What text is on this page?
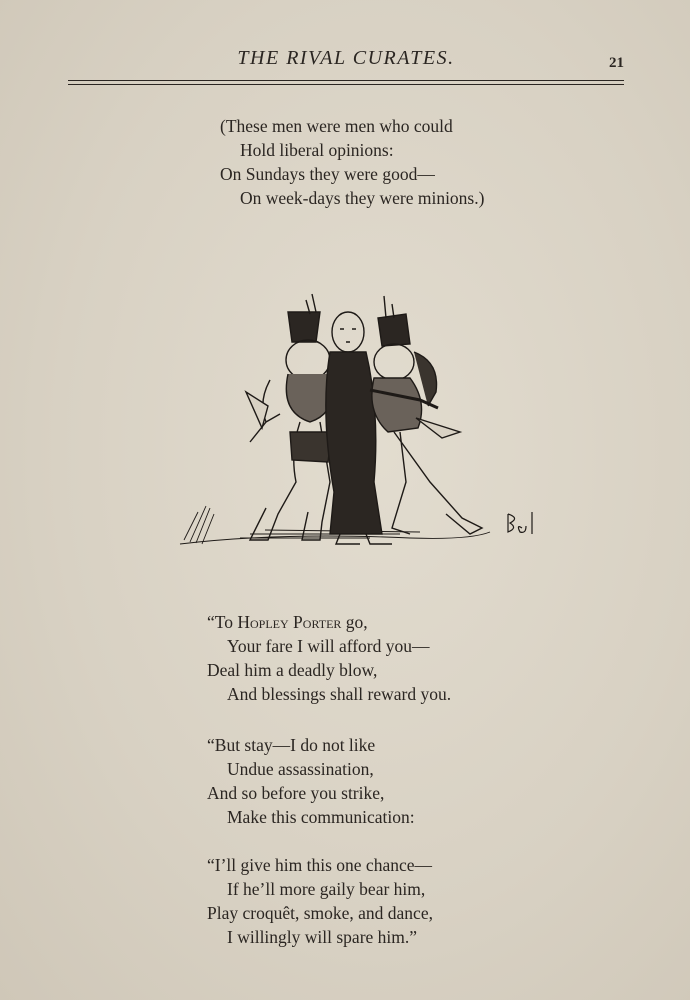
THE RIVAL CURATES.	21
(These men were men who could
Hold liberal opinions:
On Sundays they were good—
On week-days they were minions.)
“To Hopley Porter go,
Your fare I will afford you—
Deal him a deadly blow,
And blessings shall reward you.
“But stay—I do not like
Undue assassination,
And so before you strike,
Make this communication:
“I’ll give him this one chance—
If he’ll more gaily bear him,
Play croquêt, smoke, and dance,
I willingly will spare him.”
